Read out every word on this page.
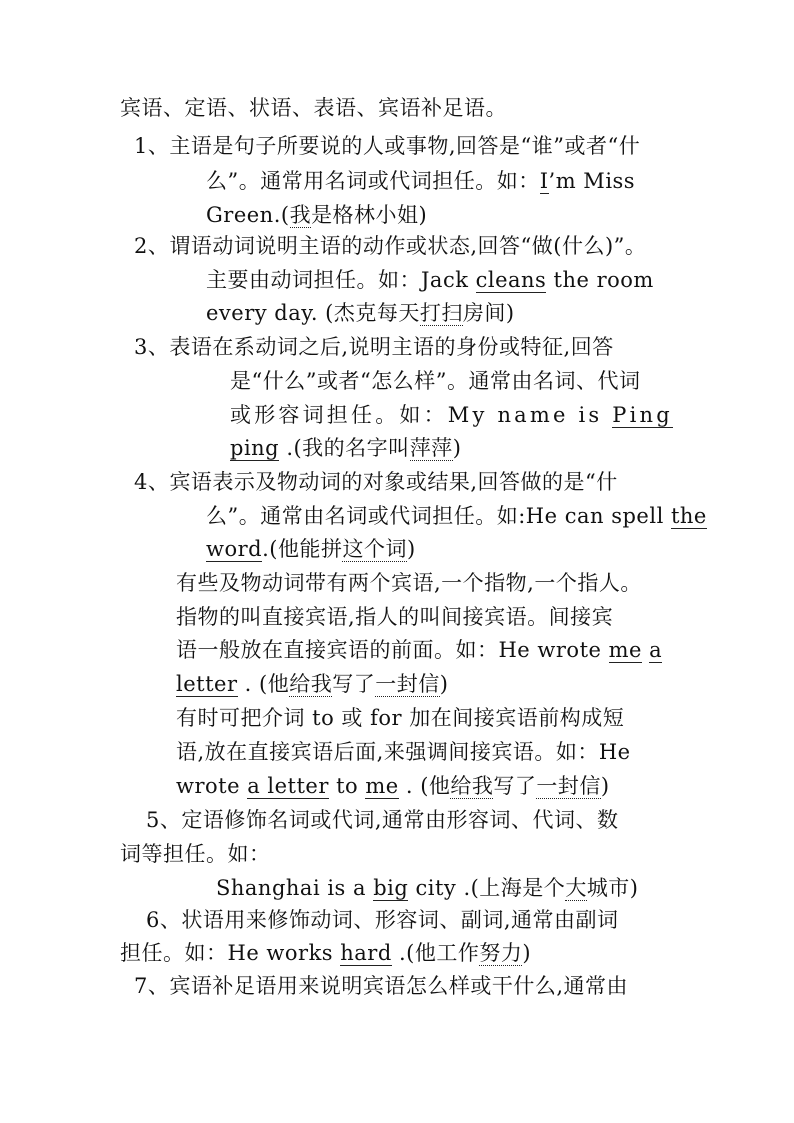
宾语、定语、状语、表语、宾语补足语。
1、主语是句子所要说的人或事物,回答是“谁”或者“什
么”。通常用名词或代词担任。如：I’m Miss
Green.(我是格林小姐)
2、谓语动词说明主语的动作或状态,回答“做(什么)”。
主要由动词担任。如：Jack cleans the room
every day. (杰克每天打扫房间)
3、表语在系动词之后,说明主语的身份或特征,回答
是“什么”或者“怎么样”。通常由名词、代词
或形容词担任。如：My name is Ping
ping .(我的名字叫萍萍)
4、宾语表示及物动词的对象或结果,回答做的是“什
么”。通常由名词或代词担任。如:He can spell the
word.(他能拼这个词)
有些及物动词带有两个宾语,一个指物,一个指人。
指物的叫直接宾语,指人的叫间接宾语。间接宾
语一般放在直接宾语的前面。如：He wrote me a
letter . (他给我写了一封信)
有时可把介词 to 或 for 加在间接宾语前构成短
语,放在直接宾语后面,来强调间接宾语。如：He
wrote a letter to me . (他给我写了一封信)
5、定语修饰名词或代词,通常由形容词、代词、数
词等担任。如：
Shanghai is a big city .(上海是个大城市)
6、状语用来修饰动词、形容词、副词,通常由副词
担任。如：He works hard .(他工作努力)
7、宾语补足语用来说明宾语怎么样或干什么,通常由
